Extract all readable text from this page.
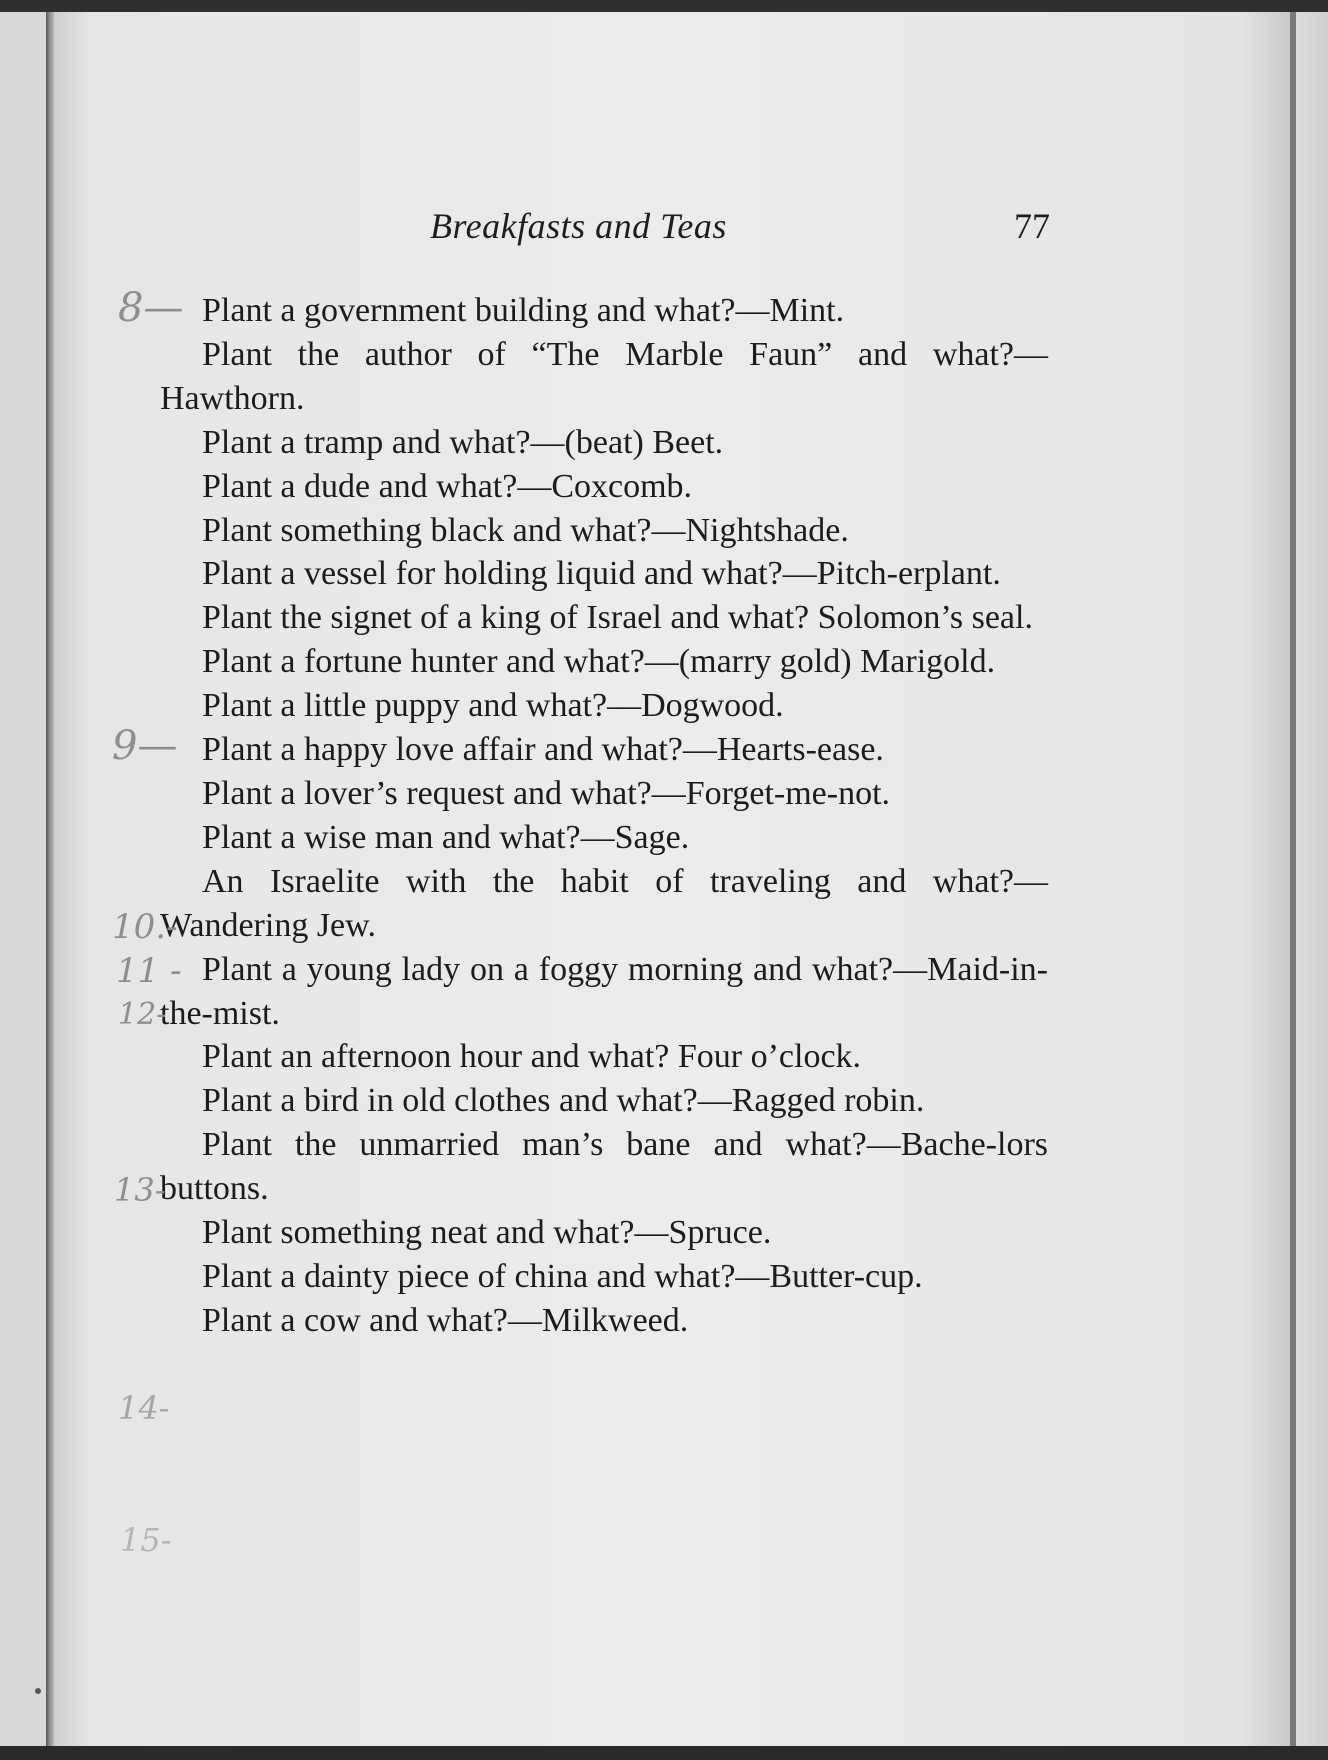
Breakfasts and Teas	77

Plant a government building and what?—Mint.

Plant the author of “The Marble Faun” and what?—Hawthorn.

Plant a tramp and what?—(beat) Beet.

Plant a dude and what?—Coxcomb.

Plant something black and what?—Nightshade.

Plant a vessel for holding liquid and what?—Pitch-erplant.

Plant the signet of a king of Israel and what? Solomon’s seal.

Plant a fortune hunter and what?—(marry gold) Marigold.

Plant a little puppy and what?—Dogwood.

Plant a happy love affair and what?—Hearts-ease.

Plant a lover’s request and what?—Forget-me-not.

Plant a wise man and what?—Sage.

An Israelite with the habit of traveling and what?—Wandering Jew.

Plant a young lady on a foggy morning and what?—Maid-in-the-mist.

Plant an afternoon hour and what? Four o’clock.

Plant a bird in old clothes and what?—Ragged robin.

Plant the unmarried man’s bane and what?—Bache-lors buttons.

Plant something neat and what?—Spruce.

Plant a dainty piece of china and what?—Butter-cup.

Plant a cow and what?—Milkweed.

8—
9—
10.-
11 -
12-
13-
14-
15-
